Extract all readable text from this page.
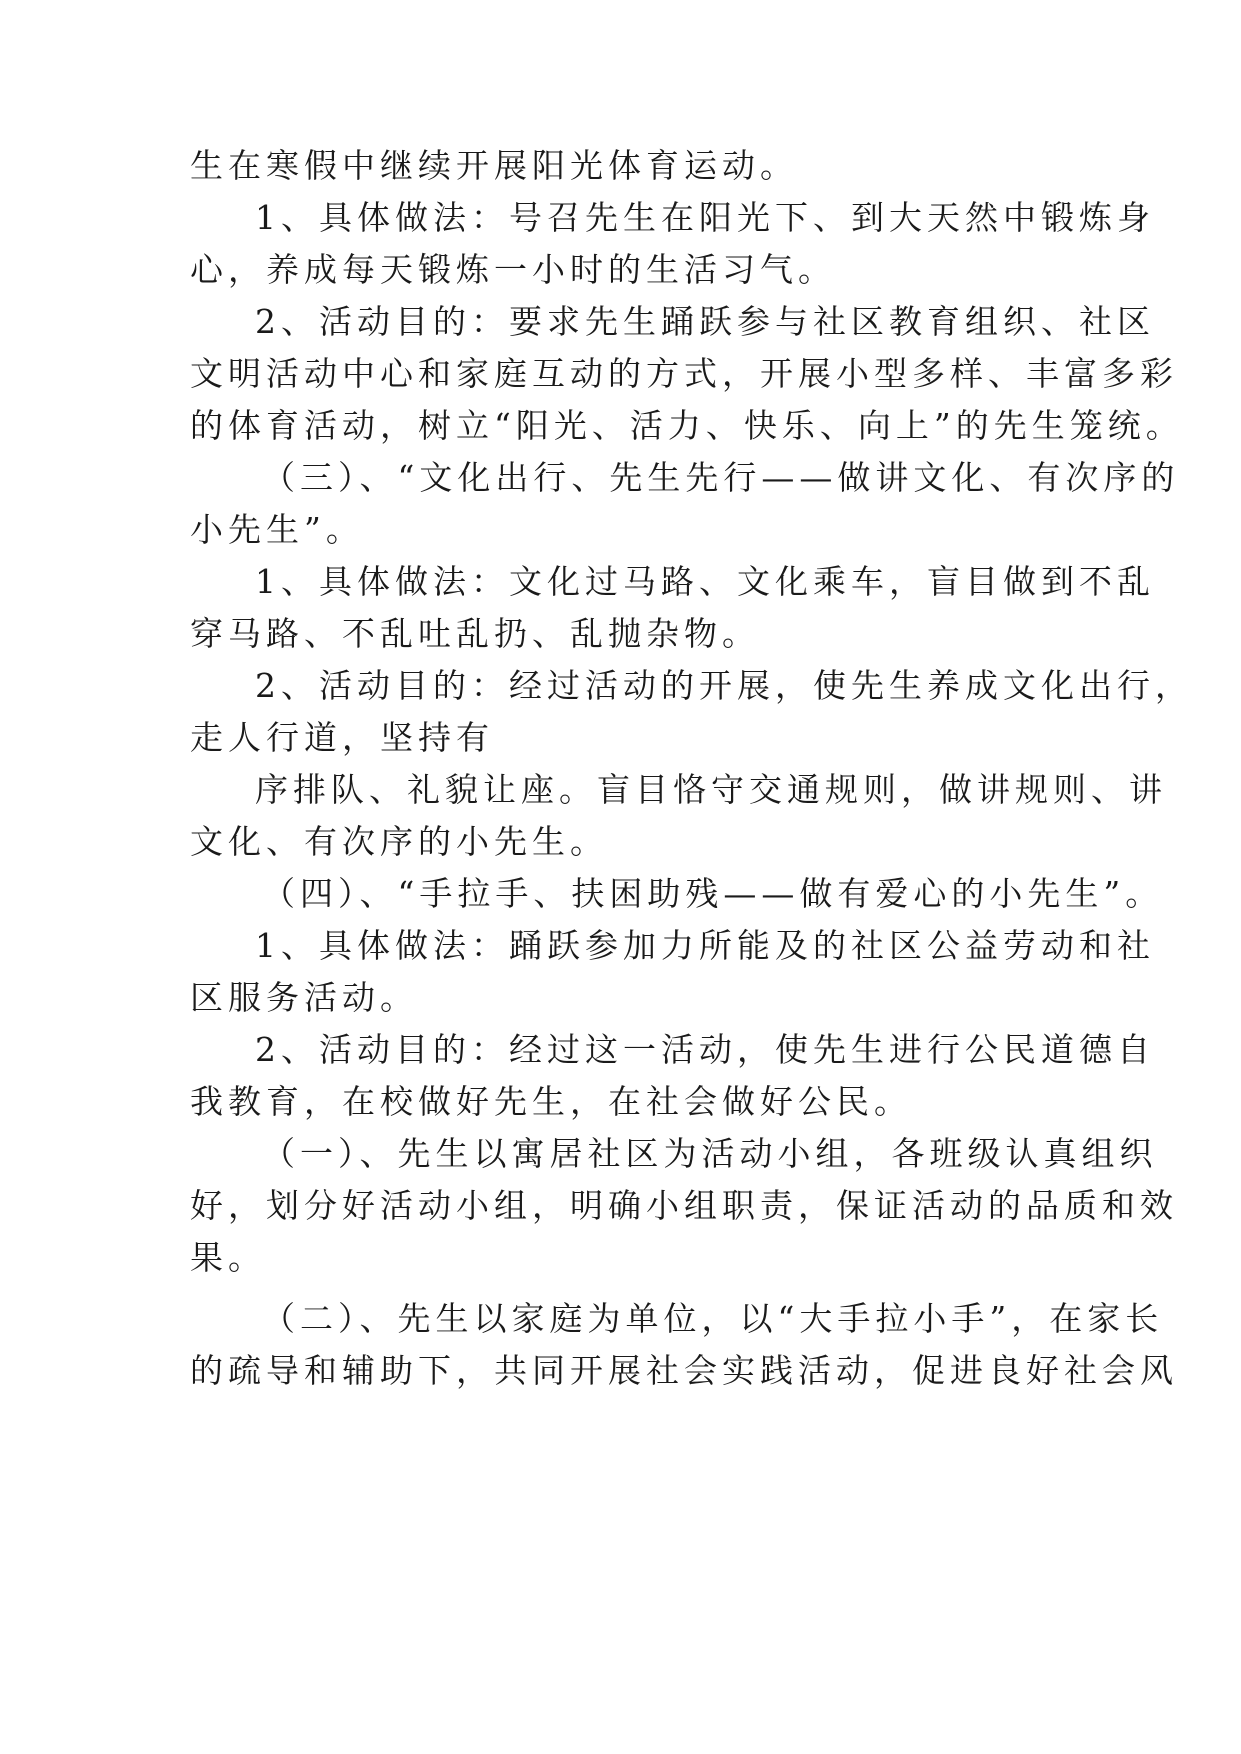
生在寒假中继续开展阳光体育运动。
1、具体做法：号召先生在阳光下、到大天然中锻炼身
心，养成每天锻炼一小时的生活习气。
2、活动目的：要求先生踊跃参与社区教育组织、社区
文明活动中心和家庭互动的方式，开展小型多样、丰富多彩
的体育活动，树立“阳光、活力、快乐、向上”的先生笼统。
（三）、“文化出行、先生先行——做讲文化、有次序的
小先生”。
1、具体做法：文化过马路、文化乘车，盲目做到不乱
穿马路、不乱吐乱扔、乱抛杂物。
2、活动目的：经过活动的开展，使先生养成文化出行，
走人行道，坚持有
序排队、礼貌让座。盲目恪守交通规则，做讲规则、讲
文化、有次序的小先生。
（四）、“手拉手、扶困助残——做有爱心的小先生”。
1、具体做法：踊跃参加力所能及的社区公益劳动和社
区服务活动。
2、活动目的：经过这一活动，使先生进行公民道德自
我教育，在校做好先生，在社会做好公民。
（一）、先生以寓居社区为活动小组，各班级认真组织
好，划分好活动小组，明确小组职责，保证活动的品质和效
果。
（二）、先生以家庭为单位，以“大手拉小手”，在家长
的疏导和辅助下，共同开展社会实践活动，促进良好社会风
